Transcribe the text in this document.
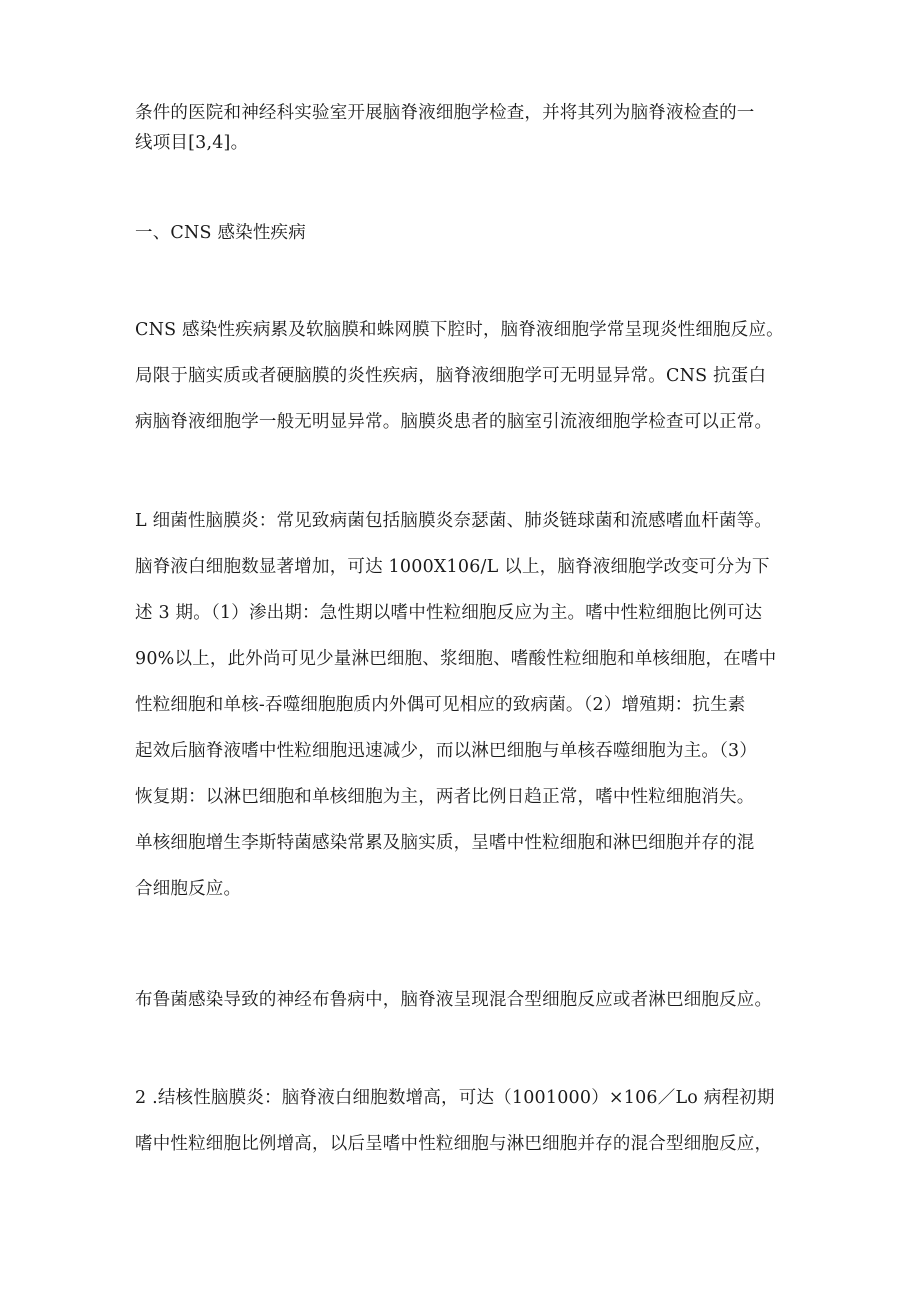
条件的医院和神经科实验室开展脑脊液细胞学检查，并将其列为脑脊液检查的一
线项目[3,4]。
一、CNS 感染性疾病
CNS 感染性疾病累及软脑膜和蛛网膜下腔时，脑脊液细胞学常呈现炎性细胞反应。
局限于脑实质或者硬脑膜的炎性疾病，脑脊液细胞学可无明显异常。CNS 抗蛋白
病脑脊液细胞学一般无明显异常。脑膜炎患者的脑室引流液细胞学检查可以正常。
L 细菌性脑膜炎：常见致病菌包括脑膜炎奈瑟菌、肺炎链球菌和流感嗜血杆菌等。
脑脊液白细胞数显著增加，可达 1000X106/L 以上，脑脊液细胞学改变可分为下
述 3 期。（1）渗出期：急性期以嗜中性粒细胞反应为主。嗜中性粒细胞比例可达
90%以上，此外尚可见少量淋巴细胞、浆细胞、嗜酸性粒细胞和单核细胞，在嗜中
性粒细胞和单核-吞噬细胞胞质内外偶可见相应的致病菌。（2）增殖期：抗生素
起效后脑脊液嗜中性粒细胞迅速减少，而以淋巴细胞与单核吞噬细胞为主。（3）
恢复期：以淋巴细胞和单核细胞为主，两者比例日趋正常，嗜中性粒细胞消失。
单核细胞增生李斯特菌感染常累及脑实质，呈嗜中性粒细胞和淋巴细胞并存的混
合细胞反应。
布鲁菌感染导致的神经布鲁病中，脑脊液呈现混合型细胞反应或者淋巴细胞反应。
2 .结核性脑膜炎：脑脊液白细胞数增高，可达（1001000）×106／Lo 病程初期
嗜中性粒细胞比例增高，以后呈嗜中性粒细胞与淋巴细胞并存的混合型细胞反应，
